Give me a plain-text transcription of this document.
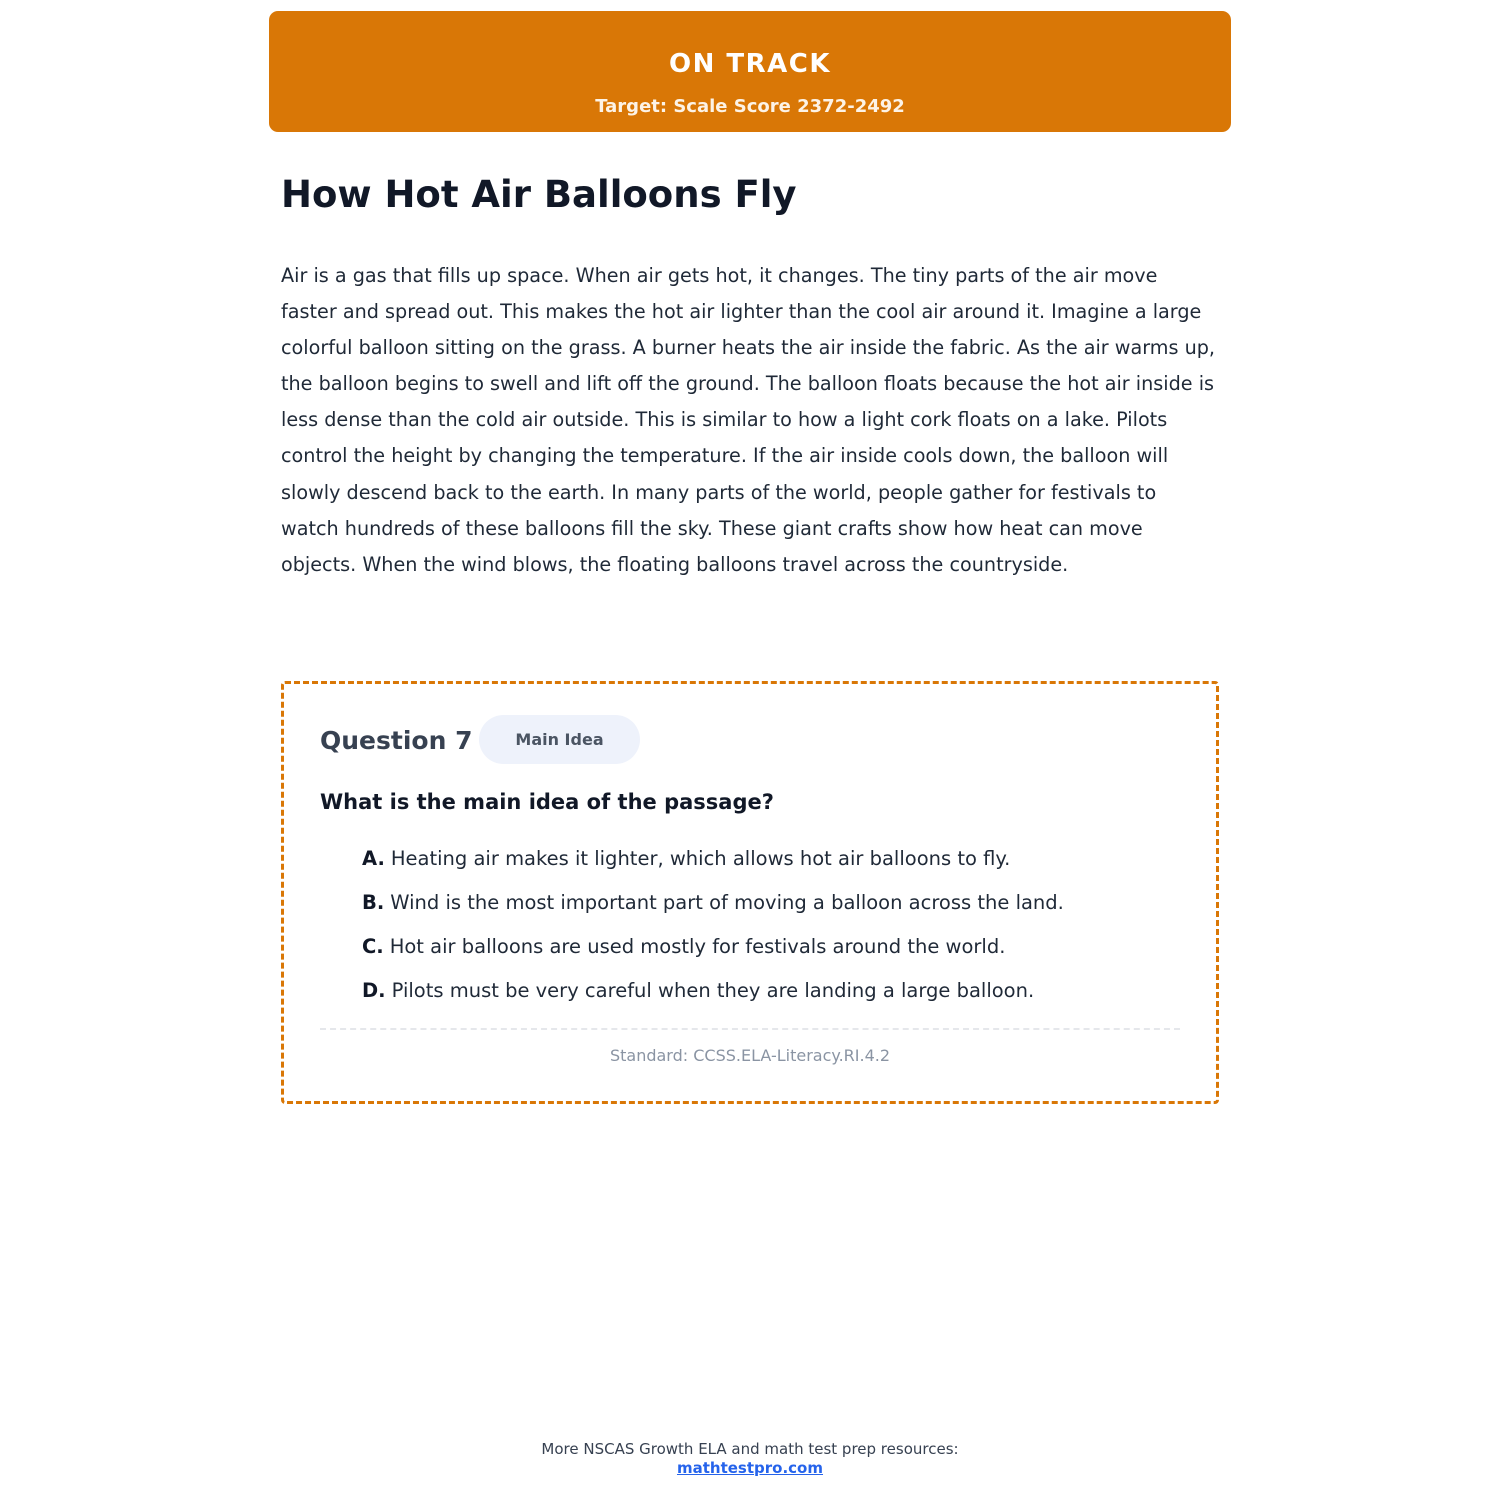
ON TRACK
Target: Scale Score 2372-2492
How Hot Air Balloons Fly

Air is a gas that fills up space. When air gets hot, it changes. The tiny parts of the air move faster and spread out. This makes the hot air lighter than the cool air around it. Imagine a large colorful balloon sitting on the grass. A burner heats the air inside the fabric. As the air warms up, the balloon begins to swell and lift off the ground. The balloon floats because the hot air inside is less dense than the cold air outside. This is similar to how a light cork floats on a lake. Pilots control the height by changing the temperature. If the air inside cools down, the balloon will slowly descend back to the earth. In many parts of the world, people gather for festivals to watch hundreds of these balloons fill the sky. These giant crafts show how heat can move objects. When the wind blows, the floating balloons travel across the countryside.

Question 7	Main Idea
What is the main idea of the passage?
A. Heating air makes it lighter, which allows hot air balloons to fly.
B. Wind is the most important part of moving a balloon across the land.
C. Hot air balloons are used mostly for festivals around the world.
D. Pilots must be very careful when they are landing a large balloon.
Standard: CCSS.ELA-Literacy.RI.4.2
More NSCAS Growth ELA and math test prep resources:
mathtestpro.com
